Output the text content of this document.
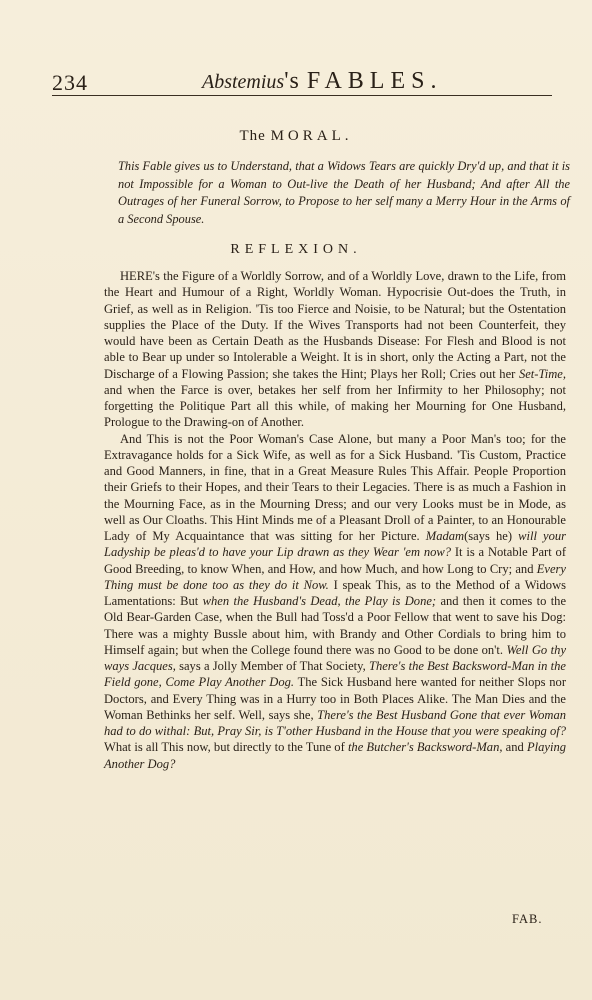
234	Abstemius's FABLES.
The MORAL.
This Fable gives us to Understand, that a Widows Tears are quickly Dry'd up, and that it is not Impossible for a Woman to Out-live the Death of her Husband; And after All the Outrages of her Funeral Sorrow, to Propose to her self many a Merry Hour in the Arms of a Second Spouse.
REFLEXION.

HERE's the Figure of a Worldly Sorrow, and of a Worldly Love, drawn to the Life, from the Heart and Humour of a Right, Worldly Woman. Hypocrisie Out-does the Truth, in Grief, as well as in Religion. 'Tis too Fierce and Noisie, to be Natural; but the Ostentation supplies the Place of the Duty. If the Wives Transports had not been Counterfeit, they would have been as Certain Death as the Husbands Disease: For Flesh and Blood is not able to Bear up under so Intolerable a Weight. It is in short, only the Acting a Part, not the Discharge of a Flowing Passion; she takes the Hint; Plays her Roll; Cries out her Set-Time, and when the Farce is over, betakes her self from her Infirmity to her Philosophy; not forgetting the Politique Part all this while, of making her Mourning for One Husband, Prologue to the Drawing-on of Another.

And This is not the Poor Woman's Case Alone, but many a Poor Man's too; for the Extravagance holds for a Sick Wife, as well as for a Sick Husband. 'Tis Custom, Practice and Good Manners, in fine, that in a Great Measure Rules This Affair. People Proportion their Griefs to their Hopes, and their Tears to their Legacies. There is as much a Fashion in the Mourning Face, as in the Mourning Dress; and our very Looks must be in Mode, as well as Our Cloaths. This Hint Minds me of a Pleasant Droll of a Painter, to an Honourable Lady of My Acquaintance that was sitting for her Picture. Madam(says he) will your Ladyship be pleas'd to have your Lip drawn as they Wear 'em now? It is a Notable Part of Good Breeding, to know When, and How, and how Much, and how Long to Cry; and Every Thing must be done too as they do it Now. I speak This, as to the Method of a Widows Lamentations: But when the Husband's Dead, the Play is Done; and then it comes to the Old Bear-Garden Case, when the Bull had Toss'd a Poor Fellow that went to save his Dog: There was a mighty Bussle about him, with Brandy and Other Cordials to bring him to Himself again; but when the College found there was no Good to be done on't. Well Go thy ways Jacques, says a Jolly Member of That Society, There's the Best Backsword-Man in the Field gone, Come Play Another Dog. The Sick Husband here wanted for neither Slops nor Doctors, and Every Thing was in a Hurry too in Both Places Alike. The Man Dies and the Woman Bethinks her self. Well, says she, There's the Best Husband Gone that ever Woman had to do withal: But, Pray Sir, is T'other Husband in the House that you were speaking of? What is all This now, but directly to the Tune of the Butcher's Backsword-Man, and Playing Another Dog?

FAB.
